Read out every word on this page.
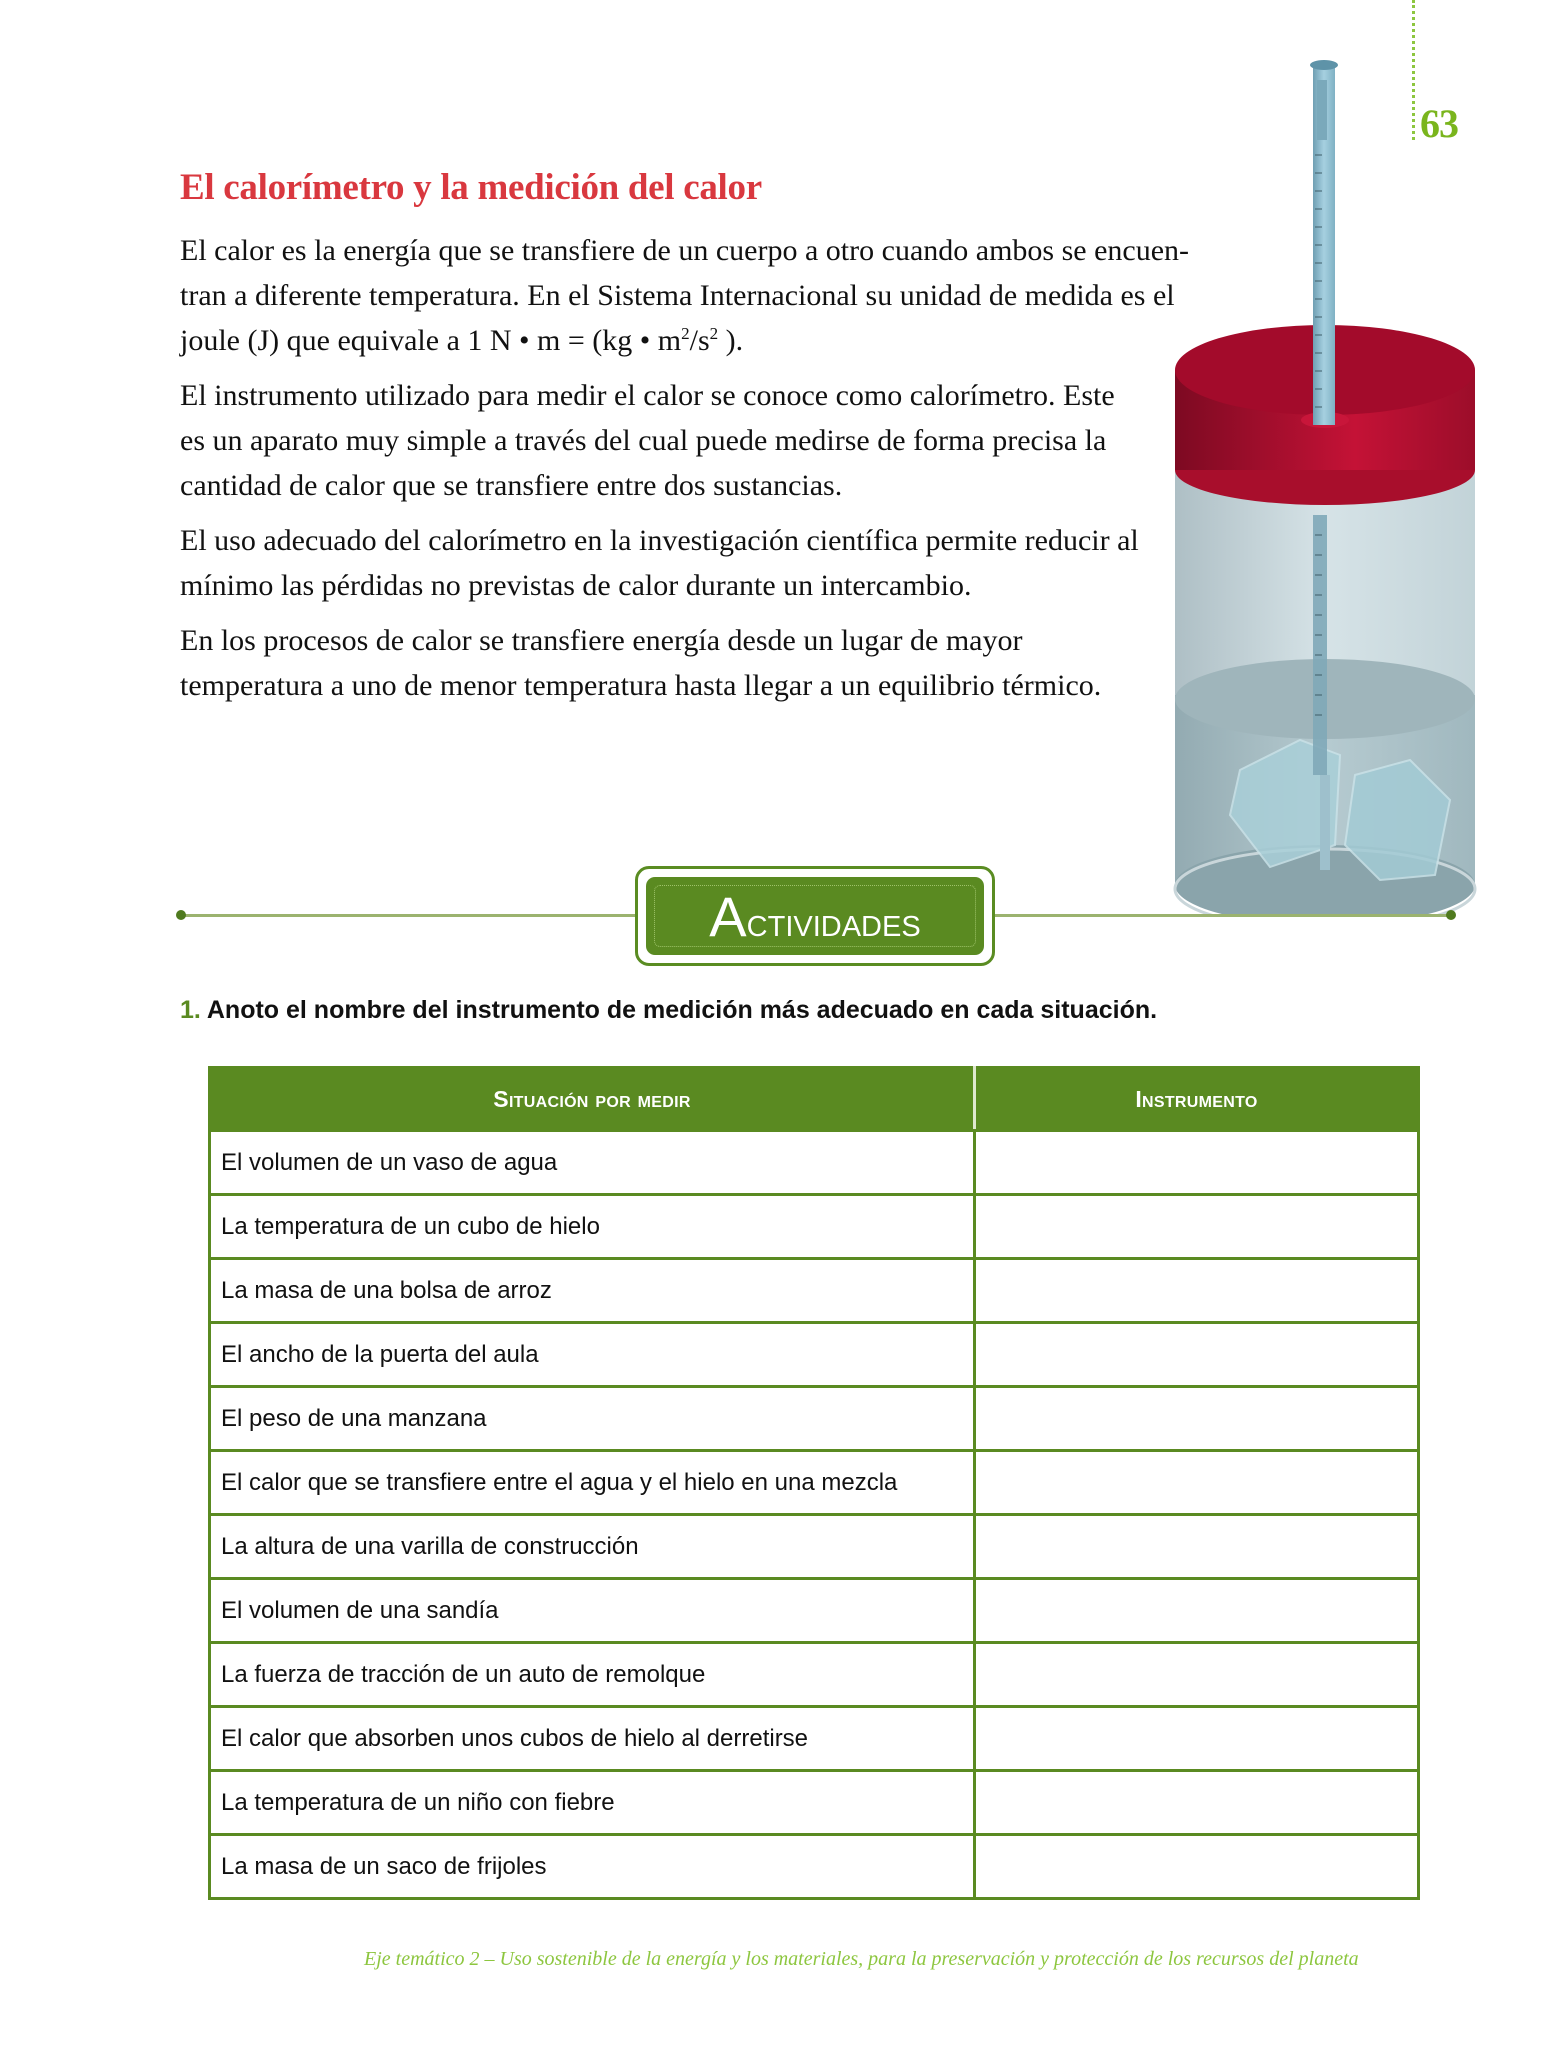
63
El calorímetro y la medición del calor

El calor es la energía que se transfiere de un cuerpo a otro cuando ambos se encuen-
tran a diferente temperatura. En el Sistema Internacional su unidad de medida es el
joule (J) que equivale a 1 N • m = (kg • $m^2/s^2$ ).

El instrumento utilizado para medir el calor se conoce como calorímetro. Este es un aparato muy simple a través del cual puede medirse de forma precisa la cantidad de calor que se transfiere entre dos sustancias.

El uso adecuado del calorímetro en la investigación científica permite reducir al mínimo las pérdidas no previstas de calor durante un intercambio.

En los procesos de calor se transfiere energía desde un lugar de mayor temperatura a uno de menor temperatura hasta llegar a un equilibrio térmico.

Actividades
1. Anoto el nombre del instrumento de medición más adecuado en cada situación.
Situación por medir	Instrumento
El volumen de un vaso de agua	
La temperatura de un cubo de hielo	
La masa de una bolsa de arroz	
El ancho de la puerta del aula	
El peso de una manzana	
El calor que se transfiere entre el agua y el hielo en una mezcla	
La altura de una varilla de construcción	
El volumen de una sandía	
La fuerza de tracción de un auto de remolque	
El calor que absorben unos cubos de hielo al derretirse	
La temperatura de un niño con fiebre	
La masa de un saco de frijoles	
Eje temático 2 – Uso sostenible de la energía y los materiales, para la preservación y protección de los recursos del planeta
